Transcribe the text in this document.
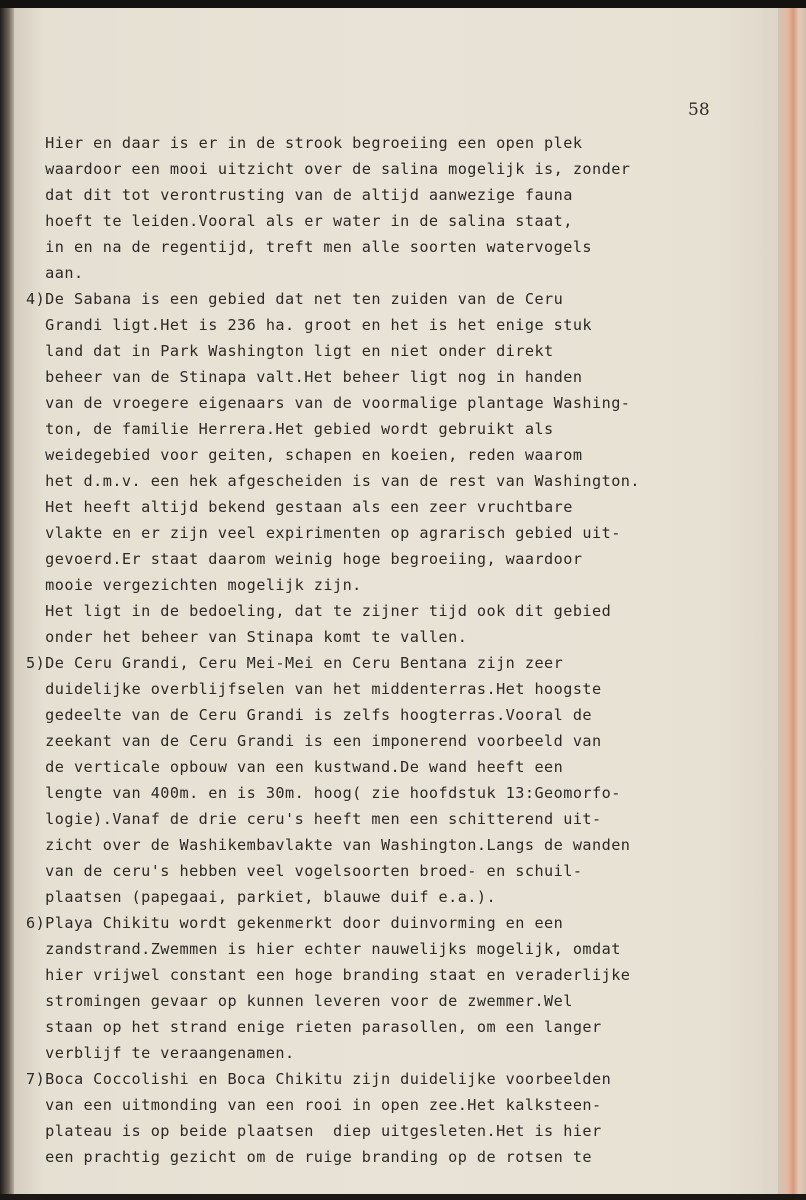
58

Hier en daar is er in de strook begroeiing een open plek

waardoor een mooi uitzicht over de salina mogelijk is, zonder

dat dit tot verontrusting van de altijd aanwezige fauna

hoeft te leiden.Vooral als er water in de salina staat,

in en na de regentijd, treft men alle soorten watervogels

aan.

4)De Sabana is een gebied dat net ten zuiden van de Ceru

Grandi ligt.Het is 236 ha. groot en het is het enige stuk

land dat in Park Washington ligt en niet onder direkt

beheer van de Stinapa valt.Het beheer ligt nog in handen

van de vroegere eigenaars van de voormalige plantage Washing-

ton, de familie Herrera.Het gebied wordt gebruikt als

weidegebied voor geiten, schapen en koeien, reden waarom

het d.m.v. een hek afgescheiden is van de rest van Washington.

Het heeft altijd bekend gestaan als een zeer vruchtbare

vlakte en er zijn veel expirimenten op agrarisch gebied uit-

gevoerd.Er staat daarom weinig hoge begroeiing, waardoor

mooie vergezichten mogelijk zijn.

Het ligt in de bedoeling, dat te zijner tijd ook dit gebied

onder het beheer van Stinapa komt te vallen.

5)De Ceru Grandi, Ceru Mei-Mei en Ceru Bentana zijn zeer

duidelijke overblijfselen van het middenterras.Het hoogste

gedeelte van de Ceru Grandi is zelfs hoogterras.Vooral de

zeekant van de Ceru Grandi is een imponerend voorbeeld van

de verticale opbouw van een kustwand.De wand heeft een

lengte van 400m. en is 30m. hoog( zie hoofdstuk 13:Geomorfo-

logie).Vanaf de drie ceru's heeft men een schitterend uit-

zicht over de Washikembavlakte van Washington.Langs de wanden

van de ceru's hebben veel vogelsoorten broed- en schuil-

plaatsen (papegaai, parkiet, blauwe duif e.a.).

6)Playa Chikitu wordt gekenmerkt door duinvorming en een

zandstrand.Zwemmen is hier echter nauwelijks mogelijk, omdat

hier vrijwel constant een hoge branding staat en veraderlijke

stromingen gevaar op kunnen leveren voor de zwemmer.Wel

staan op het strand enige rieten parasollen, om een langer

verblijf te veraangenamen.

7)Boca Coccolishi en Boca Chikitu zijn duidelijke voorbeelden

van een uitmonding van een rooi in open zee.Het kalksteen-

plateau is op beide plaatsen  diep uitgesleten.Het is hier

een prachtig gezicht om de ruige branding op de rotsen te
